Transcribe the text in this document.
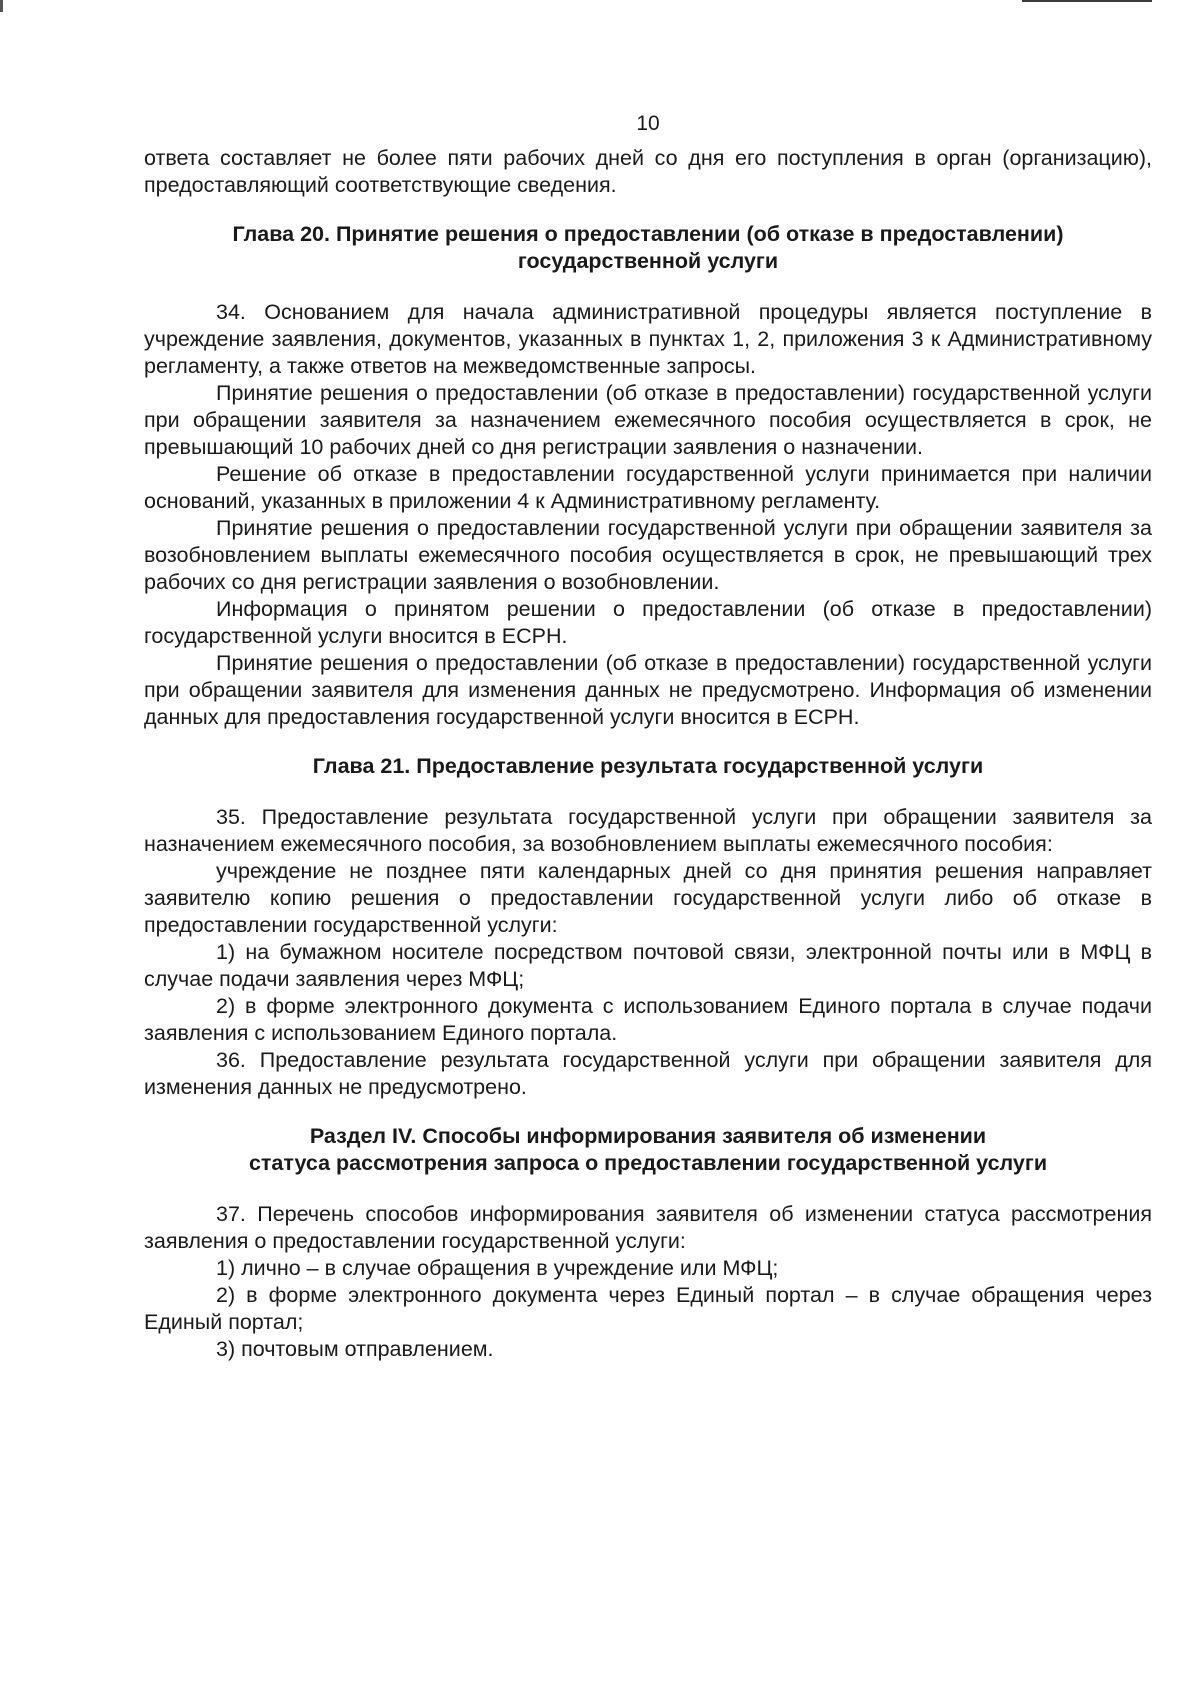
10

ответа составляет не более пяти рабочих дней со дня его поступления в орган (организацию), предоставляющий соответствующие сведения.

Глава 20. Принятие решения о предоставлении (об отказе в предоставлении)
государственной услуги

34. Основанием для начала административной процедуры является поступление в учреждение заявления, документов, указанных в пунктах 1, 2, приложения 3 к Административному регламенту, а также ответов на межведомственные запросы.

Принятие решения о предоставлении (об отказе в предоставлении) государственной услуги при обращении заявителя за назначением ежемесячного пособия осуществляется в срок, не превышающий 10 рабочих дней со дня регистрации заявления о назначении.

Решение об отказе в предоставлении государственной услуги принимается при наличии оснований, указанных в приложении 4 к Административному регламенту.

Принятие решения о предоставлении государственной услуги при обращении заявителя за возобновлением выплаты ежемесячного пособия осуществляется в срок, не превышающий трех рабочих со дня регистрации заявления о возобновлении.

Информация о принятом решении о предоставлении (об отказе в предоставлении) государственной услуги вносится в ЕСРН.

Принятие решения о предоставлении (об отказе в предоставлении) государственной услуги при обращении заявителя для изменения данных не предусмотрено. Информация об изменении данных для предоставления государственной услуги вносится в ЕСРН.

Глава 21. Предоставление результата государственной услуги

35. Предоставление результата государственной услуги при обращении заявителя за назначением ежемесячного пособия, за возобновлением выплаты ежемесячного пособия:

учреждение не позднее пяти календарных дней со дня принятия решения направляет заявителю копию решения о предоставлении государственной услуги либо об отказе в предоставлении государственной услуги:

1) на бумажном носителе посредством почтовой связи, электронной почты или в МФЦ в случае подачи заявления через МФЦ;

2) в форме электронного документа с использованием Единого портала в случае подачи заявления с использованием Единого портала.

36. Предоставление результата государственной услуги при обращении заявителя для изменения данных не предусмотрено.

Раздел IV. Способы информирования заявителя об изменении
статуса рассмотрения запроса о предоставлении государственной услуги

37. Перечень способов информирования заявителя об изменении статуса рассмотрения заявления о предоставлении государственной услуги:

1) лично – в случае обращения в учреждение или МФЦ;

2) в форме электронного документа через Единый портал – в случае обращения через Единый портал;

3) почтовым отправлением.
